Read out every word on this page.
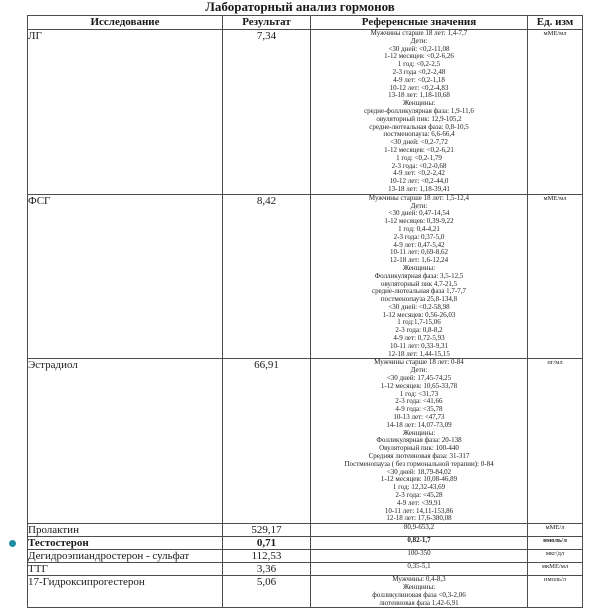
Лабораторный анализ гормонов
Исследование	Результат	Референсные значения	Ед. изм
ЛГ	7,34	Мужчины старше 18 лет: 1,4-7,7
Дети:
<30 дней: <0,2-11,08
1-12 месяцев: <0,2-6,26
1 год: <0,2-2,5
2-3 года <0,2-2,48
4-9 лет: <0,2-1,18
10-12 лет: <0,2-4,83
13-18 лет: 1,18-10,68
Женщины:
средне-фолликулярная фаза: 1,9-11,6
овуляторный пик: 12,9-105,2
средне-лютеальная фаза: 0,8-10,5
постменопауза: 6,6-66,4
<30 дней: <0,2-7,72
1-12 месяцев: <0,2-6,21
1 год: <0,2-1,79
2-3 года: <0,2-0,68
4-9 лет: <0,2-2,42
10-12 лет: <0,2-44,0
13-18 лет: 1,18-39,41
	мМЕ/мл
ФСГ	8,42	Мужчины старше 18 лет: 1,5-12,4
Дети:
<30 дней: 0,47-14,54
1-12 месяцев: 0,39-9,22
1 год: 0,4-4,21
2-3 года: 0,37-5,0
4-9 лет: 0,47-5,42
10-11 лет: 0,69-8,62
12-18 лет: 1,6-12,24
Женщины:
Фолликулярная фаза: 3,5-12,5
овуляторный пик 4,7-21,5
средне-лютеальная фаза 1,7-7,7
постменопауза 25,8-134,8
<30 дней: <0,2-58,98
1-12 месяцев: 0,56-26,03
1 год:1,7-15,06
2-3 года: 0,8-8,2
4-9 лет: 0,72-5,93
10-11 лет: 0,33-9,31
12-18 лет: 1,44-15,15
	мМЕ/мл
Эстрадиол	66,91	Мужчины старше 18 лет: 0-84
Дети:
<30 дней: 17,45-74,25
1-12 месяцев: 10,65-33,78
1 год: <31,73
2-3 года: <41,66
4-9 года: <35,78
10-13 лет: <47,73
14-18 лет: 14,07-73,09
Женщины:
Фолликулярная фаза: 20-138
Овуляторный пик: 100-440
Средняя лютеиновая фаза: 31-317
Постменопауза ( без гормональной терапии): 0-84
<30 дней: 18,79-84,02
1-12 месяцев: 10,08-46,89
1 год: 12,32-43,69
2-3 года: <45,28
4-9 лет: <39,91
10-11 лет: 14,11-153,86
12-18 лет: 17,6-380,08
	пг/мл
Пролактин	529,17	80,9-653,2	мМЕ/л

Тестостерон	0,71	0,82-1,7	нмоль/л
Дегидроэпиандростерон - сульфат	112,53	100-350	мкг/дл
ТТГ	3,36	0,35-5,1	мкМЕ/мл
17-Гидроксипрогестерон	5,06	Мужчины: 0,4-8,3
Женщины:
фолликулиновая фаза <0,3-2,06
лютеиновая фаза 1,42-6,91	нмоль/л
